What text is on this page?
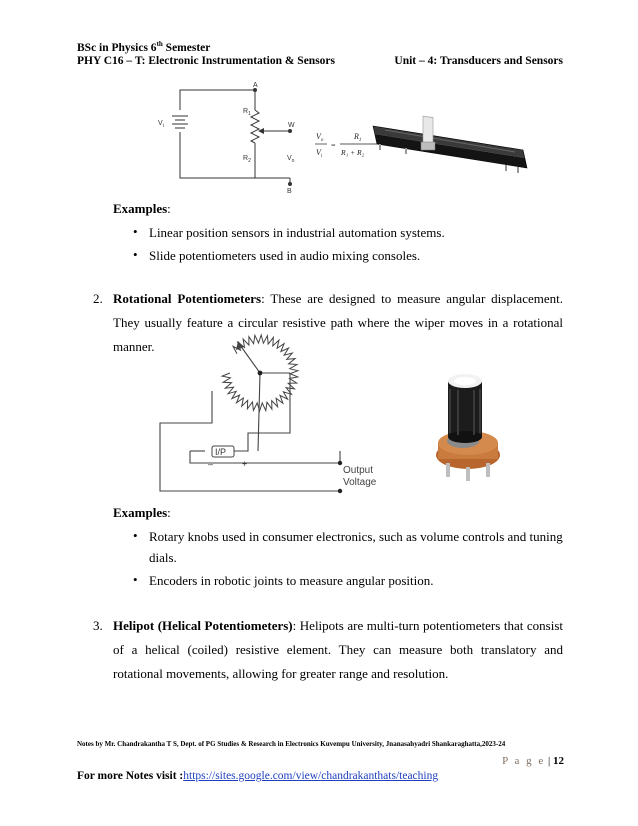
BSc in Physics 6th Semester
PHY C16 – T: Electronic Instrumentation & Sensors	Unit – 4: Transducers and Sensors
A
$R_1$
$R_2$
$V_i$	W
$V_o$
B
$V_o$
$V_i$
=
$R_1$
R₁ + R₂
Examples:
• Linear position sensors in industrial automation systems.
• Slide potentiometers used in audio mixing consoles.
2. Rotational Potentiometers: These are designed to measure angular displacement. They usually feature a circular resistive path where the wiper moves in a rotational manner.
I/P
–	+
Output
Voltage
Examples:
• Rotary knobs used in consumer electronics, such as volume controls and tuning
dials.
• Encoders in robotic joints to measure angular position.
3. Helipot (Helical Potentiometers): Helipots are multi-turn potentiometers that consist of a helical (coiled) resistive element. They can measure both translatory and rotational movements, allowing for greater range and resolution.
Notes by Mr. Chandrakantha T S, Dept. of PG Studies & Research in Electronics Kuvempu University, Jnanasahyadri Shankaraghatta,2023-24
P a g e | 12
For more Notes visit :https://sites.google.com/view/chandrakanthats/teaching
